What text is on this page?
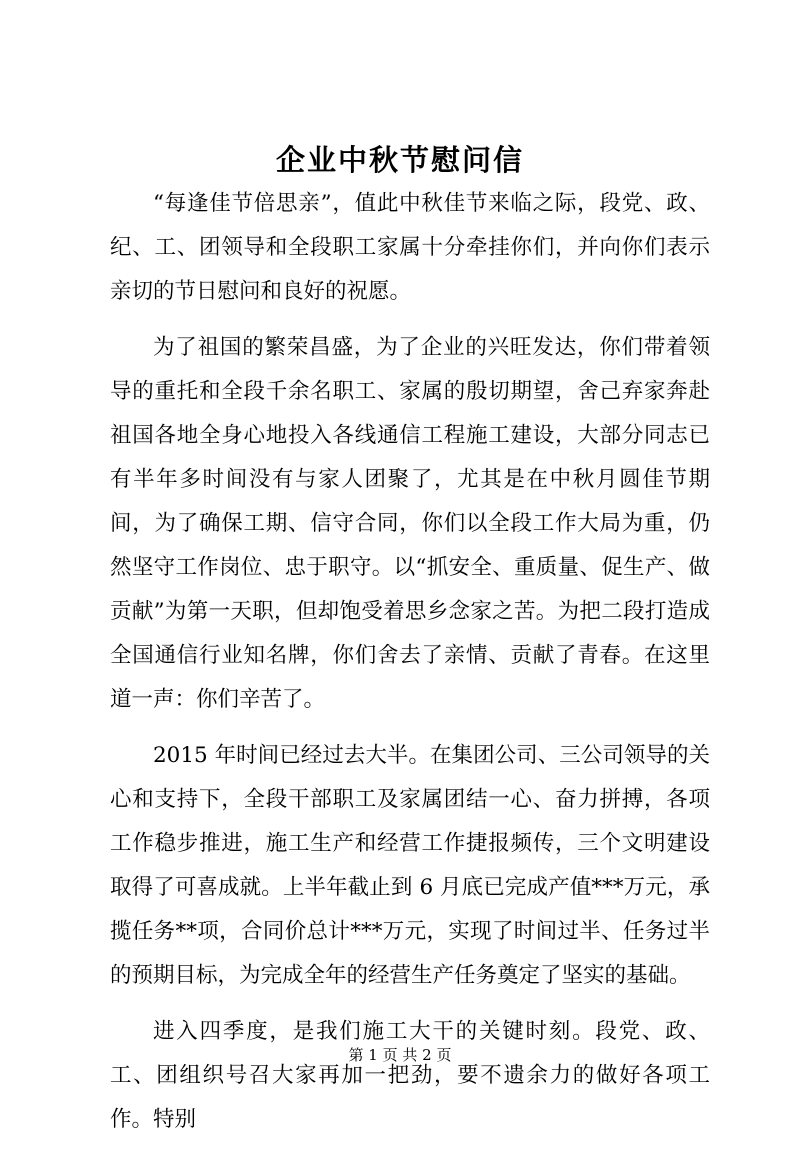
企业中秋节慰问信

“每逢佳节倍思亲”，值此中秋佳节来临之际，段党、政、纪、工、团领导和全段职工家属十分牵挂你们，并向你们表示亲切的节日慰问和良好的祝愿。

为了祖国的繁荣昌盛，为了企业的兴旺发达，你们带着领导的重托和全段千余名职工、家属的殷切期望，舍己弃家奔赴祖国各地全身心地投入各线通信工程施工建设，大部分同志已有半年多时间没有与家人团聚了，尤其是在中秋月圆佳节期间，为了确保工期、信守合同，你们以全段工作大局为重，仍然坚守工作岗位、忠于职守。以“抓安全、重质量、促生产、做贡献”为第一天职，但却饱受着思乡念家之苦。为把二段打造成全国通信行业知名牌，你们舍去了亲情、贡献了青春。在这里道一声：你们辛苦了。

2015 年时间已经过去大半。在集团公司、三公司领导的关心和支持下，全段干部职工及家属团结一心、奋力拼搏，各项工作稳步推进，施工生产和经营工作捷报频传，三个文明建设取得了可喜成就。上半年截止到 6 月底已完成产值***万元，承揽任务**项，合同价总计***万元，实现了时间过半、任务过半的预期目标，为完成全年的经营生产任务奠定了坚实的基础。

进入四季度，是我们施工大干的关键时刻。段党、政、工、团组织号召大家再加一把劲，要不遗余力的做好各项工作。特别

第 1 页 共 2 页
